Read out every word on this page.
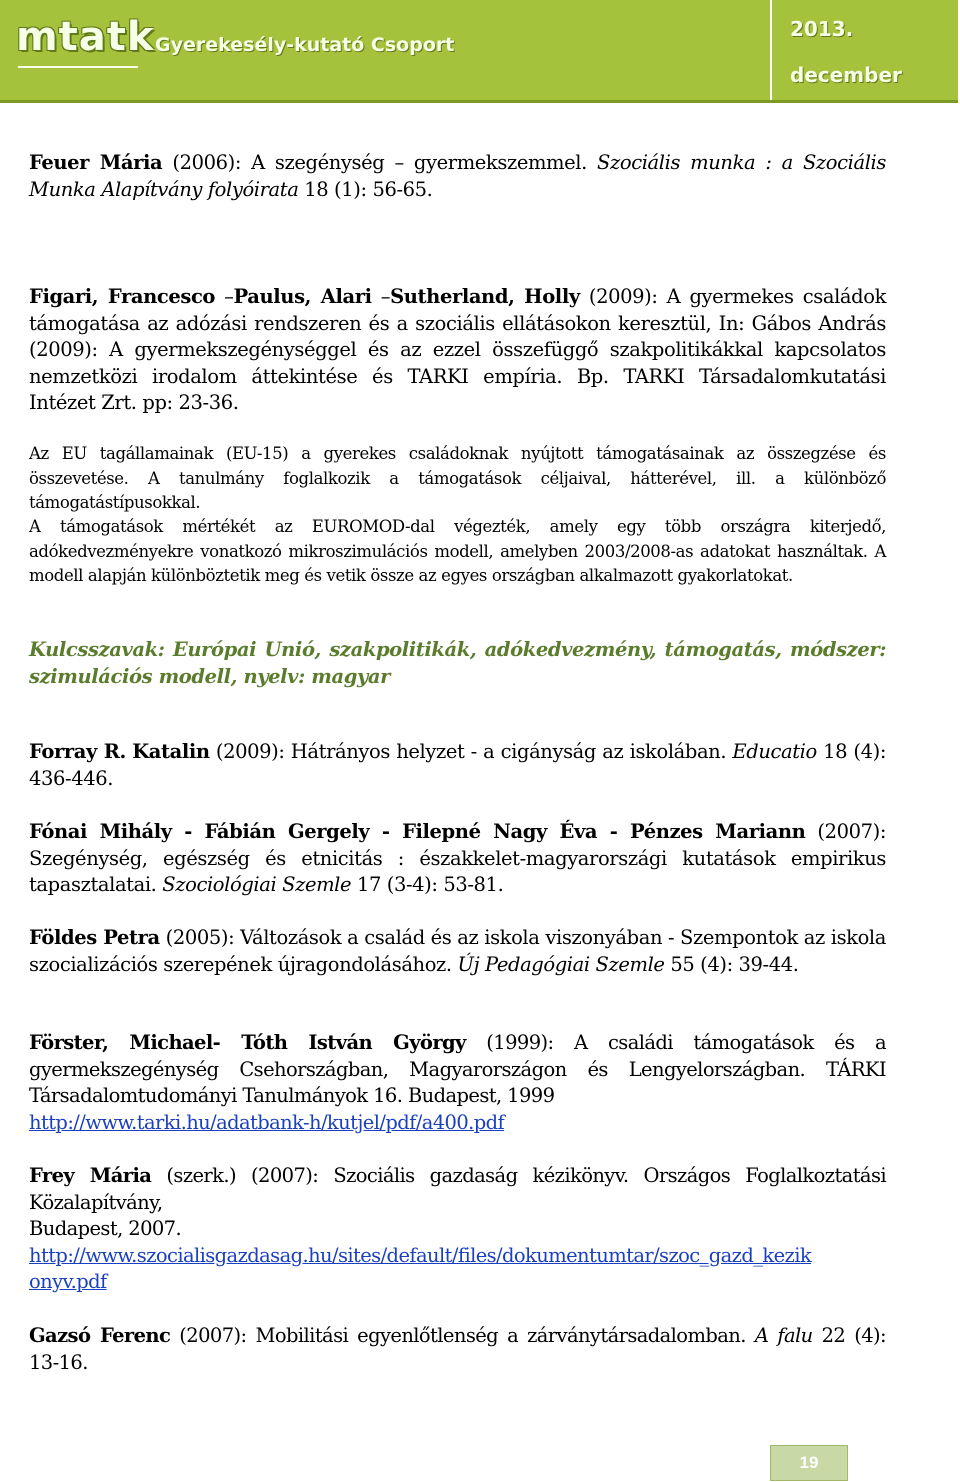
mtatk Gyerekesély-kutató Csoport
2013.
december

Feuer Mária (2006): A szegénység – gyermekszemmel. Szociális munka : a Szociális Munka Alapítvány folyóirata 18 (1): 56-65.

Figari, Francesco –Paulus, Alari –Sutherland, Holly (2009): A gyermekes családok támogatása az adózási rendszeren és a szociális ellátásokon keresztül, In: Gábos András (2009): A gyermekszegénységgel és az ezzel összefüggő szakpolitikákkal kapcsolatos nemzetközi irodalom áttekintése és TARKI empíria. Bp. TARKI Társadalomkutatási Intézet Zrt. pp: 23-36.

Az EU tagállamainak (EU-15) a gyerekes családoknak nyújtott támogatásainak az összegzése és összevetése. A tanulmány foglalkozik a támogatások céljaival, hátterével, ill. a különböző támogatástípusokkal.

A támogatások mértékét az EUROMOD-dal végezték, amely egy több országra kiterjedő, adókedvezményekre vonatkozó mikroszimulációs modell, amelyben 2003/2008-as adatokat használtak. A modell alapján különböztetik meg és vetik össze az egyes országban alkalmazott gyakorlatokat.

Kulcsszavak: Európai Unió, szakpolitikák, adókedvezmény, támogatás, módszer: szimulációs modell, nyelv: magyar

Forray R. Katalin (2009): Hátrányos helyzet - a cigányság az iskolában. Educatio 18 (4): 436-446.

Fónai Mihály - Fábián Gergely - Filepné Nagy Éva - Pénzes Mariann (2007): Szegénység, egészség és etnicitás : északkelet-magyarországi kutatások empirikus tapasztalatai. Szociológiai Szemle 17 (3-4): 53-81.

Földes Petra (2005): Változások a család és az iskola viszonyában - Szempontok az iskola szocializációs szerepének újragondolásához. Új Pedagógiai Szemle 55 (4): 39-44.

Förster, Michael- Tóth István György (1999): A családi támogatások és a gyermekszegénység Csehországban, Magyarországon és Lengyelországban. TÁRKI Társadalomtudományi Tanulmányok 16. Budapest, 1999
http://www.tarki.hu/adatbank-h/kutjel/pdf/a400.pdf
Frey Mária (szerk.) (2007): Szociális gazdaság kézikönyv. Országos Foglalkoztatási Közalapítvány,
Budapest, 2007.
http://www.szocialisgazdasag.hu/sites/default/files/dokumentumtar/szoc_gazd_kezik
onyv.pdf

Gazsó Ferenc (2007): Mobilitási egyenlőtlenség a zárványtársadalomban. A falu 22 (4): 13-16.

19
